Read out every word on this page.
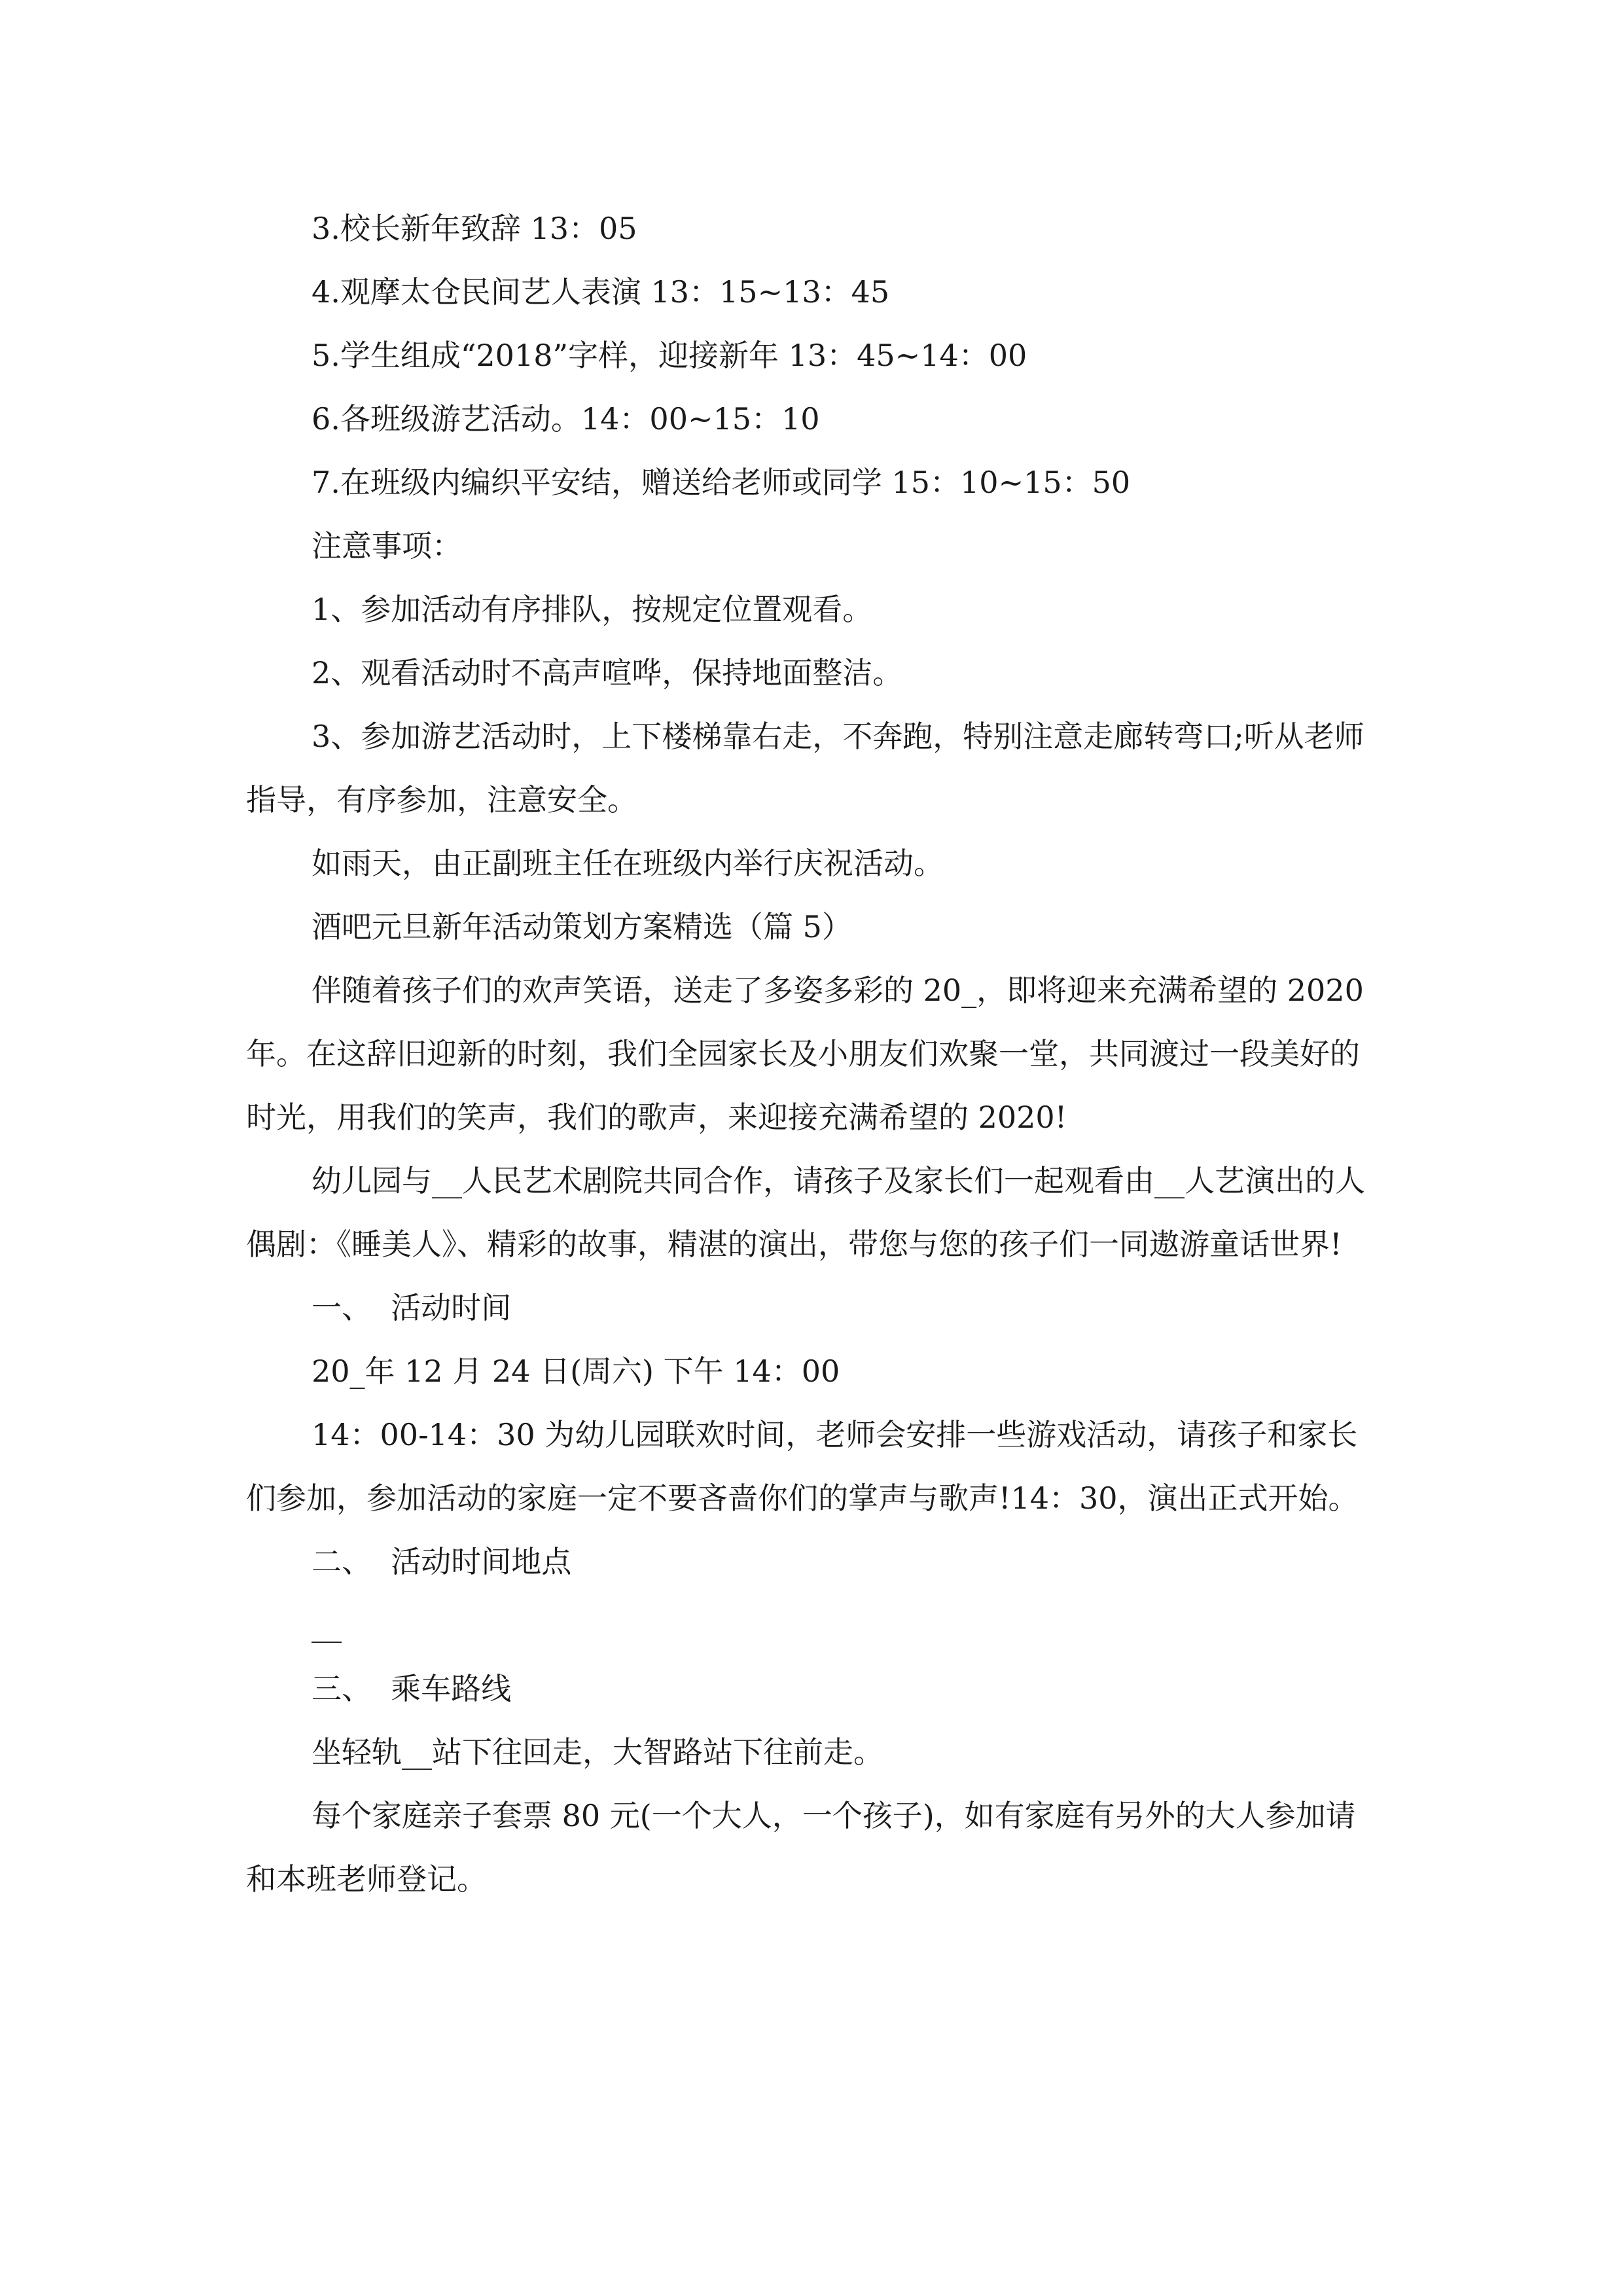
3.校长新年致辞 13：05

4.观摩太仓民间艺人表演 13：15~13：45

5.学生组成“2018”字样，迎接新年 13：45~14：00

6.各班级游艺活动。14：00~15：10

7.在班级内编织平安结，赠送给老师或同学 15：10~15：50

注意事项：

1、参加活动有序排队，按规定位置观看。

2、观看活动时不高声喧哗，保持地面整洁。

3、参加游艺活动时，上下楼梯靠右走，不奔跑，特别注意走廊转弯口;听从老师指导，有序参加，注意安全。

如雨天，由正副班主任在班级内举行庆祝活动。

酒吧元旦新年活动策划方案精选（篇 5）

伴随着孩子们的欢声笑语，送走了多姿多彩的 20_，即将迎来充满希望的 2020 年。在这辞旧迎新的时刻，我们全园家长及小朋友们欢聚一堂，共同渡过一段美好的时光，用我们的笑声，我们的歌声，来迎接充满希望的 2020!

幼儿园与__人民艺术剧院共同合作，请孩子及家长们一起观看由__人艺演出的人偶剧：《睡美人》、精彩的故事，精湛的演出，带您与您的孩子们一同遨游童话世界!

一、  活动时间

20_年 12 月 24 日(周六) 下午 14：00

14：00-14：30 为幼儿园联欢时间，老师会安排一些游戏活动，请孩子和家长们参加，参加活动的家庭一定不要吝啬你们的掌声与歌声!14：30，演出正式开始。

二、  活动时间地点

__

三、  乘车路线

坐轻轨__站下往回走，大智路站下往前走。

每个家庭亲子套票 80 元(一个大人，一个孩子)，如有家庭有另外的大人参加请和本班老师登记。
